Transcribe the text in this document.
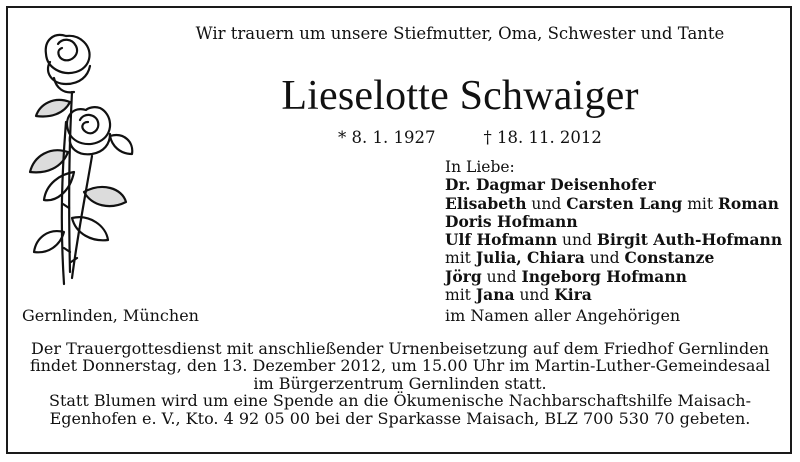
Wir trauern um unsere Stiefmutter, Oma, Schwester und Tante
Lieselotte Schwaiger
* 8. 1. 1927	† 18. 11. 2012
In Liebe:
Dr. Dagmar Deisenhofer
Elisabeth und Carsten Lang mit Roman
Doris Hofmann
Ulf Hofmann und Birgit Auth-Hofmann
mit Julia, Chiara und Constanze
Jörg und Ingeborg Hofmann
mit Jana und Kira
Gernlinden, München	im Namen aller Angehörigen
Der Trauergottesdienst mit anschließender Urnenbeisetzung auf dem Friedhof Gernlinden
findet Donnerstag, den 13. Dezember 2012, um 15.00 Uhr im Martin-Luther-Gemeindesaal
im Bürgerzentrum Gernlinden statt.
Statt Blumen wird um eine Spende an die Ökumenische Nachbarschaftshilfe Maisach-
Egenhofen e. V., Kto. 4 92 05 00 bei der Sparkasse Maisach, BLZ 700 530 70 gebeten.
